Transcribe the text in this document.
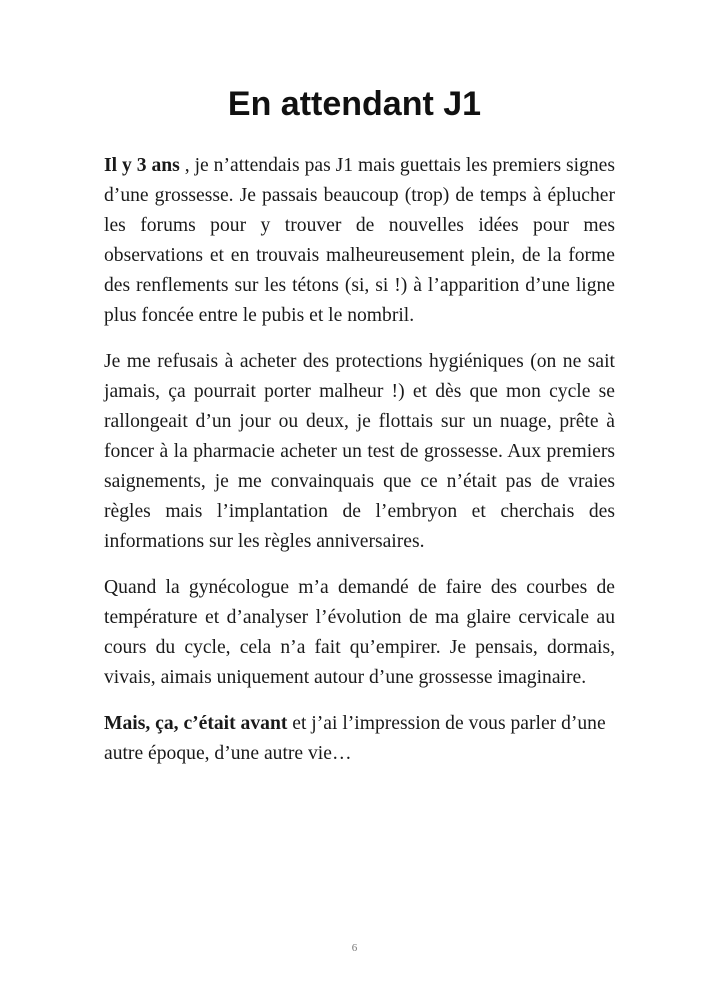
En attendant J1

Il y 3 ans , je n’attendais pas J1 mais guettais les premiers signes d’une grossesse. Je passais beaucoup (trop) de temps à éplucher les forums pour y trouver de nouvelles idées pour mes observations et en trouvais malheureusement plein, de la forme des renflements sur les tétons (si, si !) à l’apparition d’une ligne plus foncée entre le pubis et le nombril.

Je me refusais à acheter des protections hygiéniques (on ne sait jamais, ça pourrait porter malheur !) et dès que mon cycle se rallongeait d’un jour ou deux, je flottais sur un nuage, prête à foncer à la pharmacie acheter un test de grossesse. Aux premiers saignements, je me convainquais que ce n’était pas de vraies règles mais l’implantation de l’embryon et cherchais des informations sur les règles anniversaires.

Quand la gynécologue m’a demandé de faire des courbes de température et d’analyser l’évolution de ma glaire cervicale au cours du cycle, cela n’a fait qu’empirer. Je pensais, dormais, vivais, aimais uniquement autour d’une grossesse imaginaire.

Mais, ça, c’était avant et j’ai l’impression de vous parler d’une autre époque, d’une autre vie…

6
